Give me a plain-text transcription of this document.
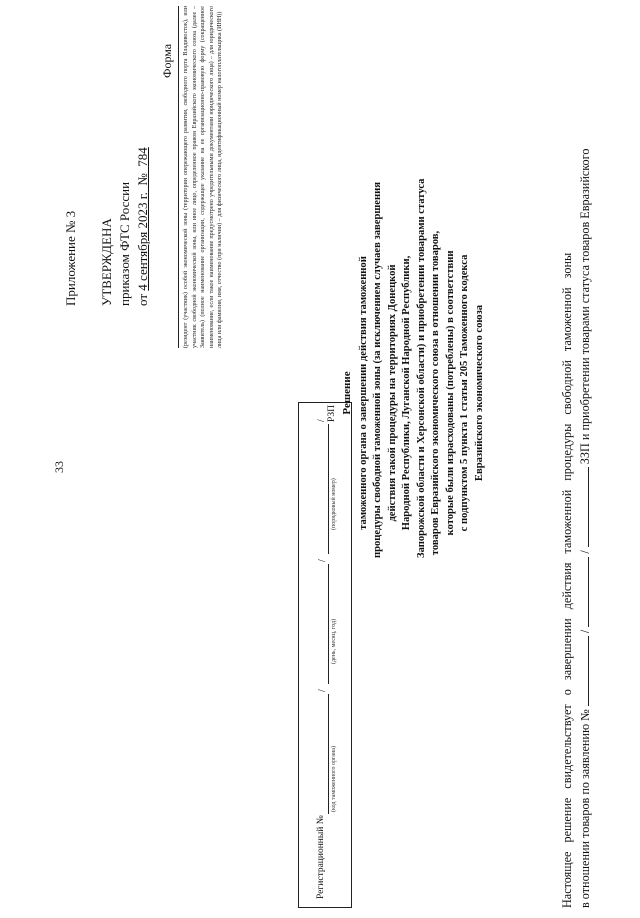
33
Приложение № 3 УТВЕРЖДЕНА приказом ФТС России от 4 сентября 2023 г.  №  784	(резидент (участник) особой экономической зоны (территории опережающего развития, свободного порта Владивосток), или участник свободной экономической зоны, или иное лицо, определенное правом Евразийского экономического союза (далее – Заявитель) (полное наименование организации, содержащее указание на ее организационно-правовую форму (сокращенное наименование, если такое наименование предусмотрено учредительными документами юридического лица) – для юридического лица или фамилия, имя, отчество (при наличии) – для физического лица, идентификационный номер налогоплательщика (ИНН))
Форма
Регистрационный №
/
/
/РЗП
(код таможенного органа)
(день, месяц, год)
(порядковый номер)
Решение таможенного органа о завершении действия таможенной процедуры свободной таможенной зоны (за исключением случаев завершения действия такой процедуры на территориях Донецкой Народной Республики, Луганской Народной Республики, Запорожской области и Херсонской области) и приобретении товарами статуса товаров Евразийского экономического союза в отношении товаров, которые были израсходованы (потреблены) в соответствии с подпунктом 5 пункта 1 статьи 205 Таможенного кодекса Евразийского экономического союза	Настоящее решение свидетельствует о завершении действия таможенной процедуры свободной таможенной зоны в отношении товаров по заявлению №  /  /  ЗЗП и приобретении товарами статуса товаров Евразийского
